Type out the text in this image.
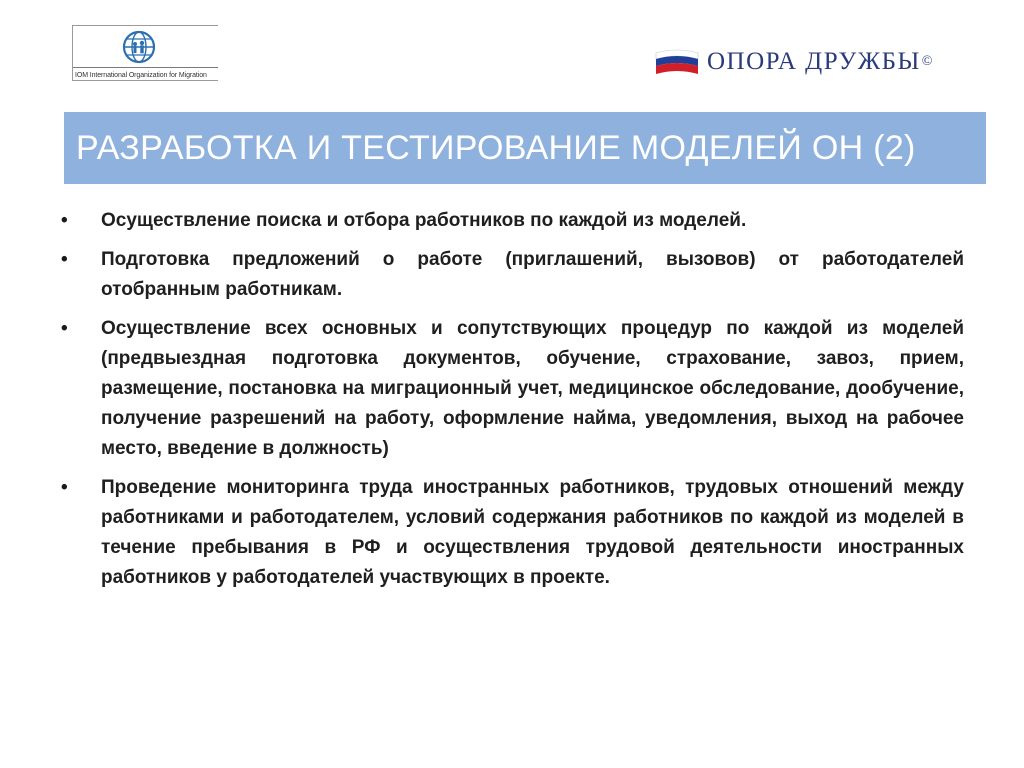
IOM International Organization for Migration
ОПОРА ДРУЖБЫ ©
РАЗРАБОТКА И ТЕСТИРОВАНИЕ МОДЕЛЕЙ ОН (2)
•	Осуществление поиска и отбора работников по каждой из моделей.
•	Подготовка предложений о работе (приглашений, вызовов) от работодателей отобранным работникам.
•	Осуществление всех основных и сопутствующих процедур по каждой из моделей (предвыездная подготовка документов, обучение, страхование, завоз, прием, размещение, постановка на миграционный учет, медицинское обследование, дообучение, получение разрешений на работу, оформление найма, уведомления, выход на рабочее место, введение в должность)
•	Проведение мониторинга труда иностранных работников, трудовых отношений между работниками и работодателем, условий содержания работников по каждой из моделей в течение пребывания в РФ и осуществления трудовой деятельности иностранных работников у работодателей участвующих в проекте.
